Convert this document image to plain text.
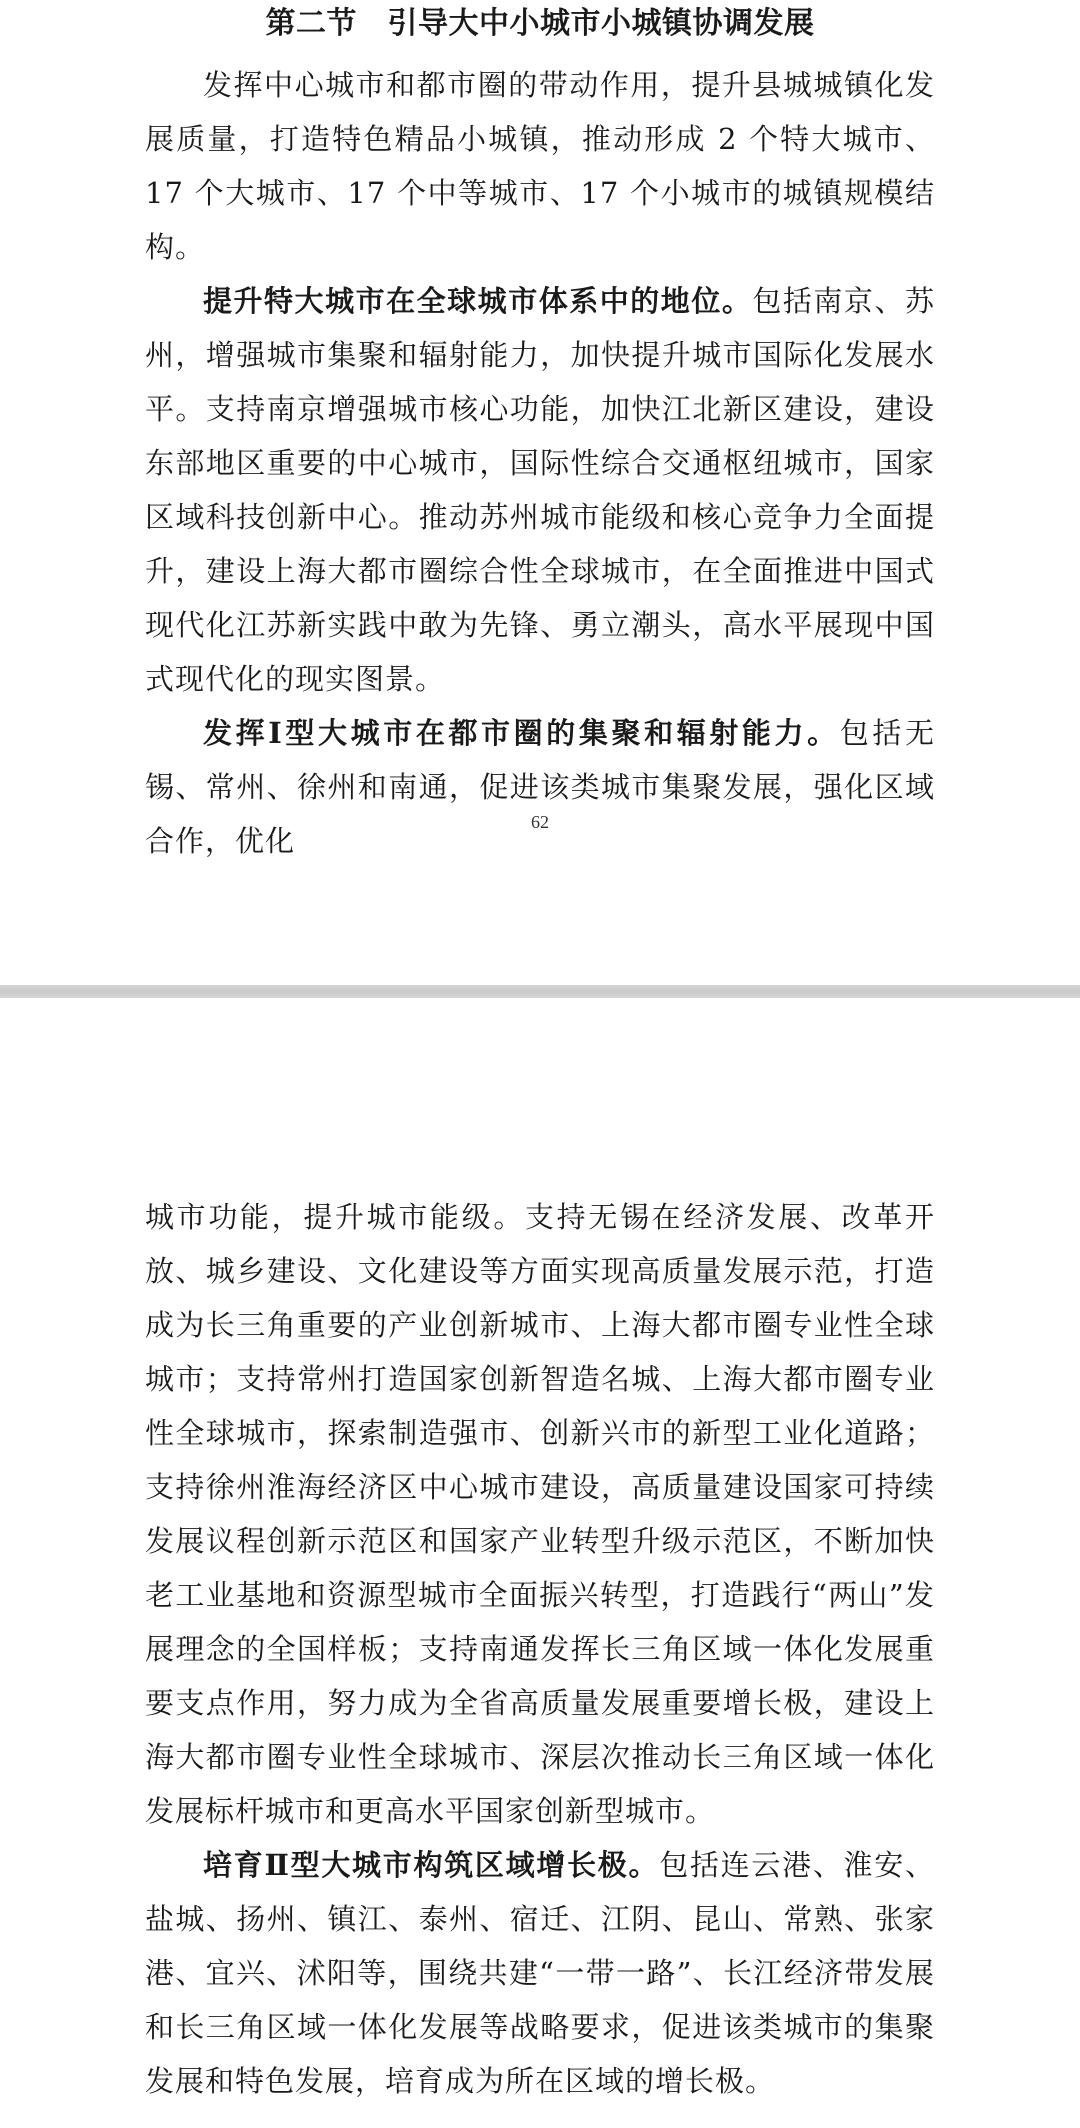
第二节　引导大中小城市小城镇协调发展

发挥中心城市和都市圈的带动作用，提升县城城镇化发展质量，打造特色精品小城镇，推动形成 2 个特大城市、17 个大城市、17 个中等城市、17 个小城市的城镇规模结构。

提升特大城市在全球城市体系中的地位。包括南京、苏州，增强城市集聚和辐射能力，加快提升城市国际化发展水平。支持南京增强城市核心功能，加快江北新区建设，建设东部地区重要的中心城市，国际性综合交通枢纽城市，国家区域科技创新中心。推动苏州城市能级和核心竞争力全面提升，建设上海大都市圈综合性全球城市，在全面推进中国式现代化江苏新实践中敢为先锋、勇立潮头，高水平展现中国式现代化的现实图景。

发挥Ⅰ型大城市在都市圈的集聚和辐射能力。包括无锡、常州、徐州和南通，促进该类城市集聚发展，强化区域合作，优化

62

城市功能，提升城市能级。支持无锡在经济发展、改革开放、城乡建设、文化建设等方面实现高质量发展示范，打造成为长三角重要的产业创新城市、上海大都市圈专业性全球城市；支持常州打造国家创新智造名城、上海大都市圈专业性全球城市，探索制造强市、创新兴市的新型工业化道路；支持徐州淮海经济区中心城市建设，高质量建设国家可持续发展议程创新示范区和国家产业转型升级示范区，不断加快老工业基地和资源型城市全面振兴转型，打造践行“两山”发展理念的全国样板；支持南通发挥长三角区域一体化发展重要支点作用，努力成为全省高质量发展重要增长极，建设上海大都市圈专业性全球城市、深层次推动长三角区域一体化发展标杆城市和更高水平国家创新型城市。

培育Ⅱ型大城市构筑区域增长极。包括连云港、淮安、盐城、扬州、镇江、泰州、宿迁、江阴、昆山、常熟、张家港、宜兴、沭阳等，围绕共建“一带一路”、长江经济带发展和长三角区域一体化发展等战略要求，促进该类城市的集聚发展和特色发展，培育成为所在区域的增长极。
